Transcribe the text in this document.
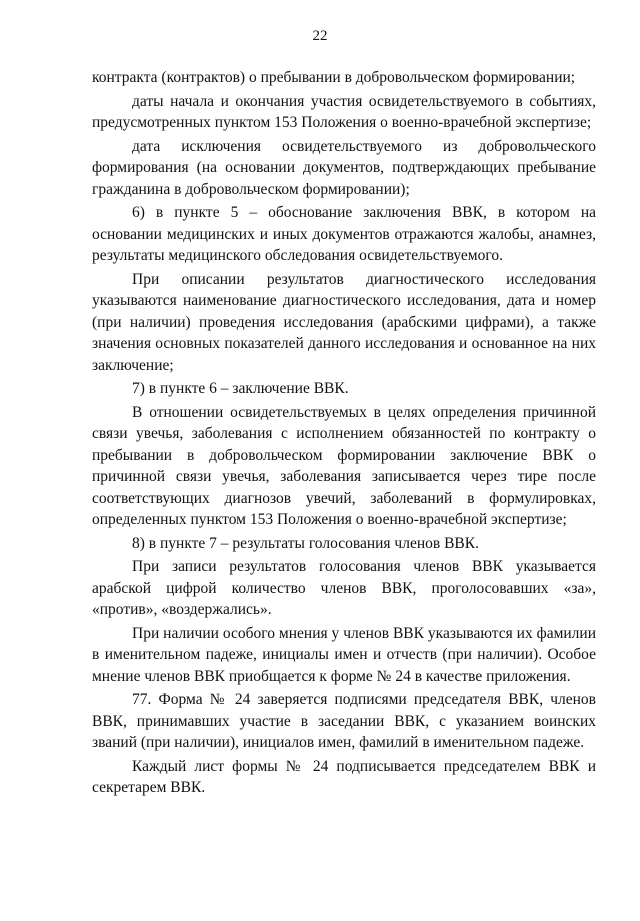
22

контракта (контрактов) о пребывании в добровольческом формировании;

даты начала и окончания участия освидетельствуемого в событиях, предусмотренных пунктом 153 Положения о военно-врачебной экспертизе;

дата исключения освидетельствуемого из добровольческого формирования (на основании документов, подтверждающих пребывание гражданина в добровольческом формировании);

6) в пункте 5 – обоснование заключения ВВК, в котором на основании медицинских и иных документов отражаются жалобы, анамнез, результаты медицинского обследования освидетельствуемого.

При описании результатов диагностического исследования указываются наименование диагностического исследования, дата и номер (при наличии) проведения исследования (арабскими цифрами), а также значения основных показателей данного исследования и основанное на них заключение;

7) в пункте 6 – заключение ВВК.

В отношении освидетельствуемых в целях определения причинной связи увечья, заболевания с исполнением обязанностей по контракту о пребывании в добровольческом формировании заключение ВВК о причинной связи увечья, заболевания записывается через тире после соответствующих диагнозов увечий, заболеваний в формулировках, определенных пунктом 153 Положения о военно-врачебной экспертизе;

8) в пункте 7 – результаты голосования членов ВВК.

При записи результатов голосования членов ВВК указывается арабской цифрой количество членов ВВК, проголосовавших «за», «против», «воздержались».

При наличии особого мнения у членов ВВК указываются их фамилии в именительном падеже, инициалы имен и отчеств (при наличии). Особое мнение членов ВВК приобщается к форме № 24 в качестве приложения.

77. Форма № 24 заверяется подписями председателя ВВК, членов ВВК, принимавших участие в заседании ВВК, с указанием воинских званий (при наличии), инициалов имен, фамилий в именительном падеже.

Каждый лист формы № 24 подписывается председателем ВВК и секретарем ВВК.
